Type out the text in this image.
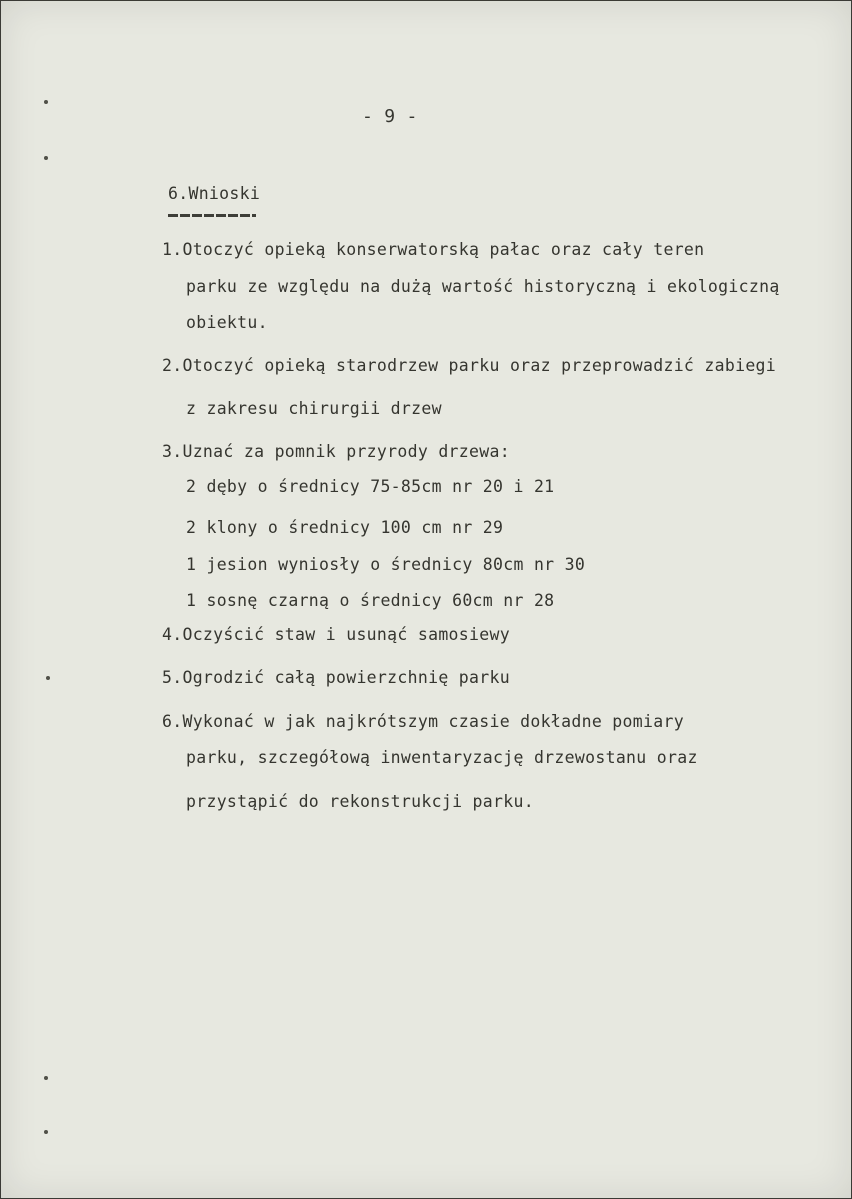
- 9 -
6.Wnioski
1.Otoczyć opieką konserwatorską pałac oraz cały teren
parku ze względu na dużą wartość historyczną i ekologiczną
obiektu.
2.Otoczyć opieką starodrzew parku oraz przeprowadzić zabiegi
z zakresu chirurgii drzew
3.Uznać za pomnik przyrody drzewa:
2 dęby o średnicy 75-85cm nr 20 i 21
2 klony o średnicy 100 cm nr 29
1 jesion wyniosły o średnicy 80cm nr 30
1 sosnę czarną o średnicy 60cm nr 28
4.Oczyścić staw i usunąć samosiewy
5.Ogrodzić całą powierzchnię parku
6.Wykonać w jak najkrótszym czasie dokładne pomiary
parku, szczegółową inwentaryzację drzewostanu oraz
przystąpić do rekonstrukcji parku.
